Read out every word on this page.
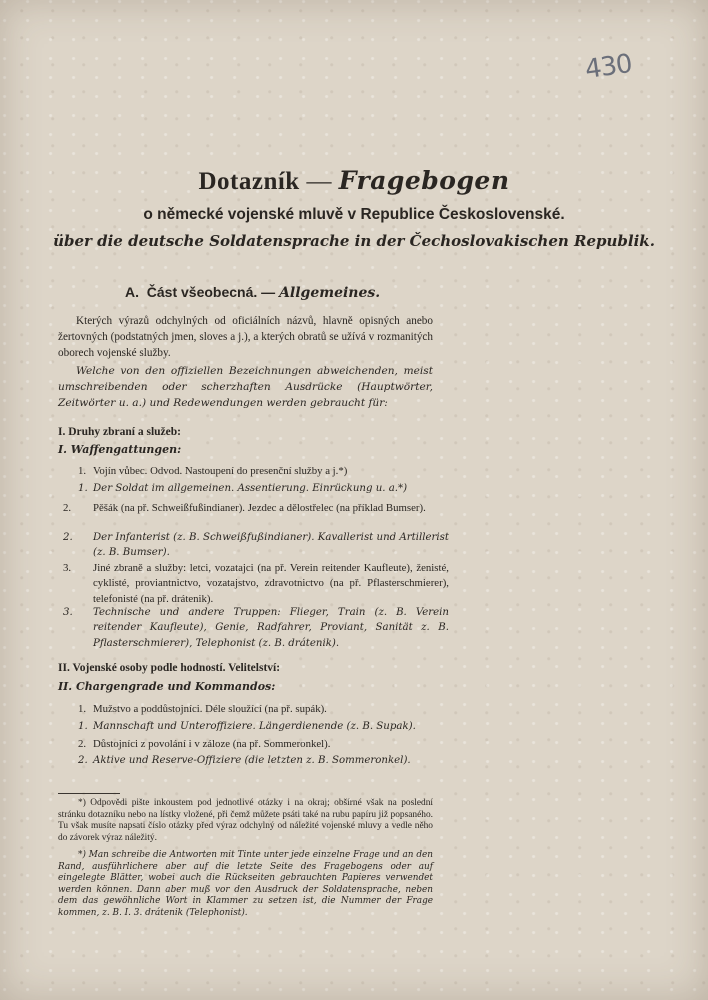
430
Dotazník — Fragebogen
o německé vojenské mluvě v Republice Československé.
über die deutsche Soldatensprache in der Čechoslovakischen Republik.
A. Část všeobecná. — Allgemeines.
Kterých výrazů odchylných od oficiálních názvů, hlavně opisných anebo žertovných (podstatných jmen, sloves a j.), a kterých obratů se užívá v rozmanitých oborech vojenské služby.
Welche von den offiziellen Bezeichnungen abweichenden, meist umschreibenden oder scherzhaften Ausdrücke (Hauptwörter, Zeitwörter u. a.) und Redewendungen werden gebraucht für:
I. Druhy zbraní a služeb:
I. Waffengattungen:
1. Vojín vůbec. Odvod. Nastoupení do presenční služby a j.*)
1. Der Soldat im allgemeinen. Assentierung. Einrückung u. a.*)
2. Pěšák (na př. Schweißfußindianer). Jezdec a dělostřelec (na příklad Bumser).
2. Der Infanterist (z. B. Schweißfußindianer). Kavallerist und Artillerist (z. B. Bumser).
3. Jiné zbraně a služby: letci, vozatajci (na př. Verein reitender Kaufleute), ženisté, cyklisté, proviantnictvo, vozatajstvo, zdravotnictvo (na př. Pflasterschmierer), telefonisté (na př. drátenik).
3. Technische und andere Truppen: Flieger, Train (z. B. Verein reitender Kaufleute), Genie, Radfahrer, Proviant, Sanität z. B. Pflasterschmierer), Telephonist (z. B. drátenik).
II. Vojenské osoby podle hodností. Velitelství:
II. Chargengrade und Kommandos:
1. Mužstvo a poddůstojníci. Déle sloužící (na př. supák).
1. Mannschaft und Unteroffiziere. Längerdienende (z. B. Supak).
2. Důstojníci z povolání i v záloze (na př. Sommeronkel).
2. Aktive und Reserve-Offiziere (die letzten z. B. Sommeronkel).
*) Odpovědi pište inkoustem pod jednotlivé otázky i na okraj; obšírné však na poslední stránku dotazníku nebo na lístky vložené, při čemž můžete psáti také na rubu papíru již popsaného. Tu však musíte napsati číslo otázky před výraz odchylný od náležité vojenské mluvy a vedle něho do závorek výraz náležitý.
*) Man schreibe die Antworten mit Tinte unter jede einzelne Frage und an den Rand, ausführlichere aber auf die letzte Seite des Fragebogens oder auf eingelegte Blätter, wobei auch die Rückseiten gebrauchten Papieres verwendet werden können. Dann aber muß vor den Ausdruck der Soldatensprache, neben dem das gewöhnliche Wort in Klammer zu setzen ist, die Nummer der Frage kommen, z. B. I. 3. drátenik (Telephonist).
